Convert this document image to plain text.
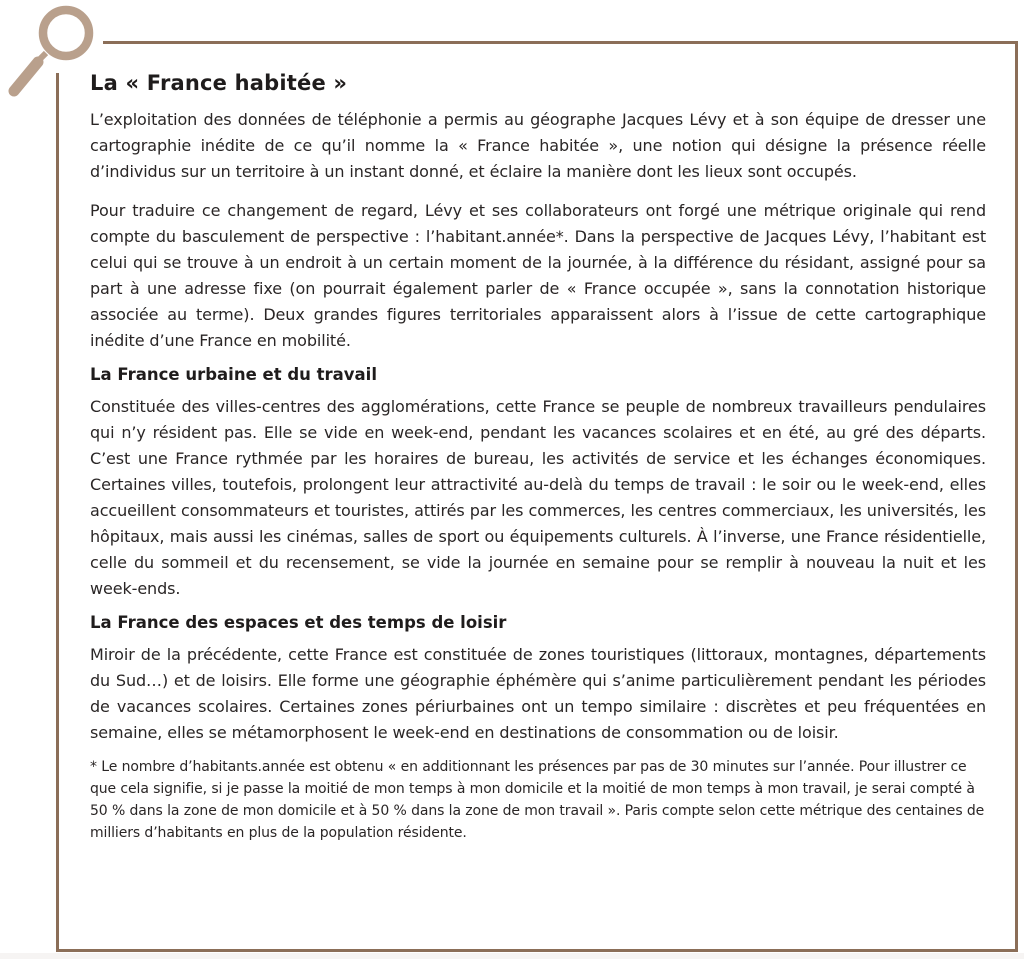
La « France habitée »

L’exploitation des données de téléphonie a permis au géographe Jacques Lévy et à son équipe de dresser une cartographie inédite de ce qu’il nomme la « France habitée », une notion qui désigne la présence réelle d’individus sur un territoire à un instant donné, et éclaire la manière dont les lieux sont occupés.

Pour traduire ce changement de regard, Lévy et ses collaborateurs ont forgé une métrique originale qui rend compte du basculement de perspective : l’habitant.année*. Dans la perspective de Jacques Lévy, l’habitant est celui qui se trouve à un endroit à un certain moment de la journée, à la différence du résidant, assigné pour sa part à une adresse fixe (on pourrait également parler de « France occupée », sans la connotation historique associée au terme). Deux grandes figures territoriales apparaissent alors à l’issue de cette cartographique inédite d’une France en mobilité.

La France urbaine et du travail

Constituée des villes-centres des agglomérations, cette France se peuple de nombreux travailleurs pendulaires qui n’y résident pas. Elle se vide en week-end, pendant les vacances scolaires et en été, au gré des départs. C’est une France rythmée par les horaires de bureau, les activités de service et les échanges économiques. Certaines villes, toutefois, prolongent leur attractivité au-delà du temps de travail : le soir ou le week-end, elles accueillent consommateurs et touristes, attirés par les commerces, les centres commerciaux, les universités, les hôpitaux, mais aussi les cinémas, salles de sport ou équipements culturels. À l’inverse, une France résidentielle, celle du sommeil et du recensement, se vide la journée en semaine pour se remplir à nouveau la nuit et les week-ends.

La France des espaces et des temps de loisir

Miroir de la précédente, cette France est constituée de zones touristiques (littoraux, montagnes, départements du Sud…) et de loisirs. Elle forme une géographie éphémère qui s’anime particulièrement pendant les périodes de vacances scolaires. Certaines zones périurbaines ont un tempo similaire : discrètes et peu fréquentées en semaine, elles se métamorphosent le week-end en destinations de consommation ou de loisir.

* Le nombre d’habitants.année est obtenu « en additionnant les présences par pas de 30 minutes sur l’année. Pour illustrer ce que cela signifie, si je passe la moitié de mon temps à mon domicile et la moitié de mon temps à mon travail, je serai compté à 50 % dans la zone de mon domicile et à 50 % dans la zone de mon travail ». Paris compte selon cette métrique des centaines de milliers d’habitants en plus de la population résidente.
